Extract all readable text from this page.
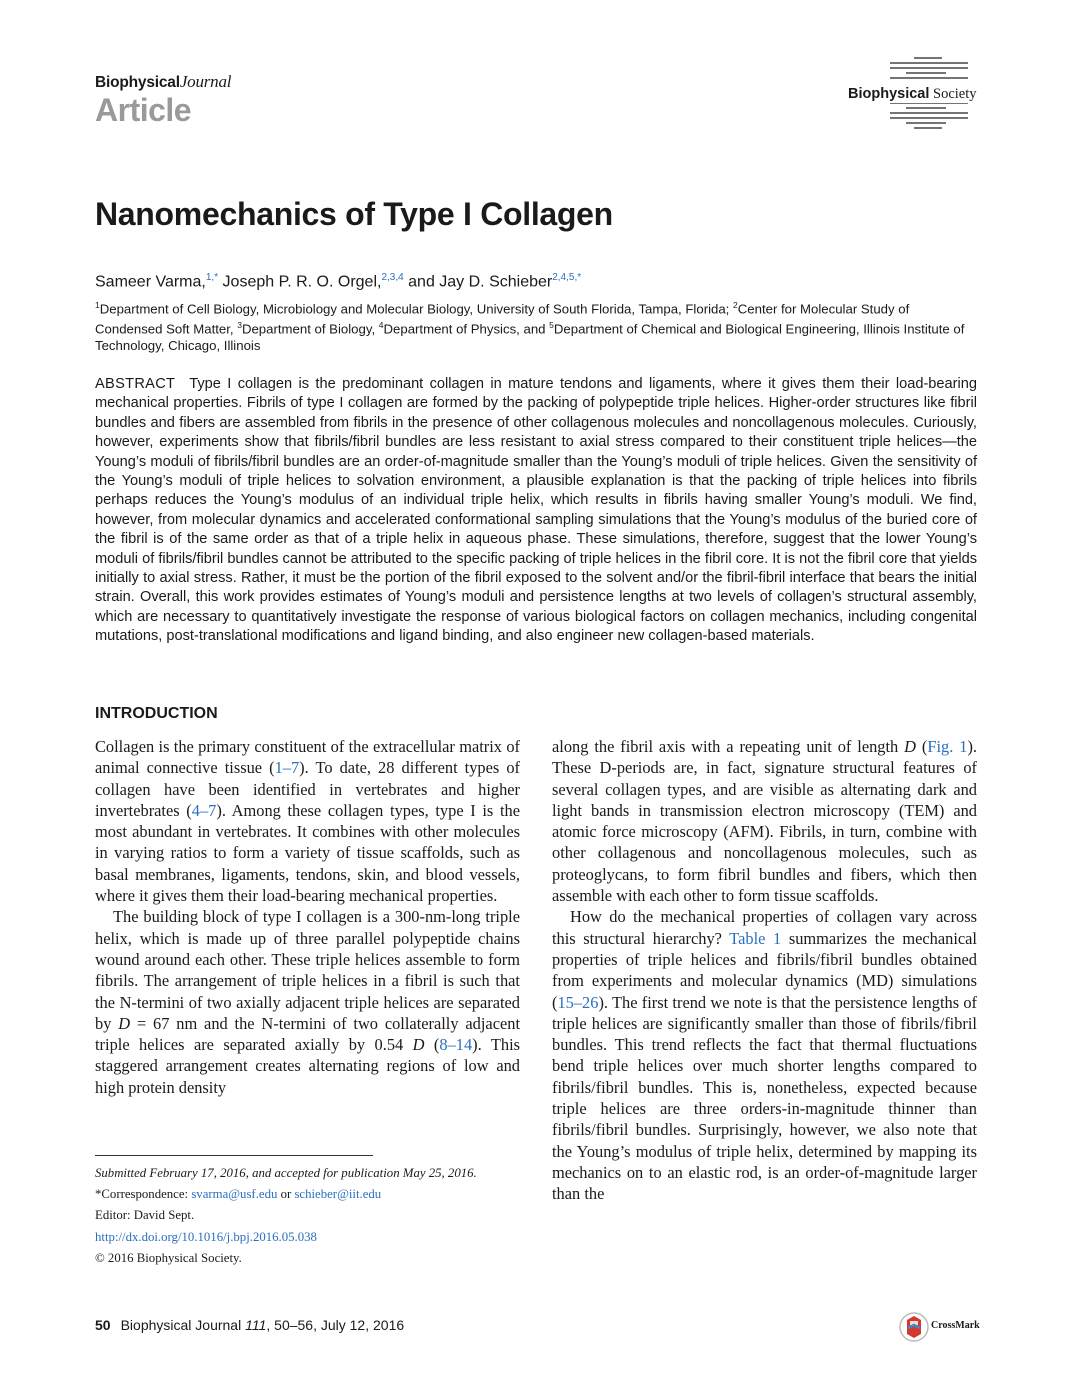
BiophysicalJournal
Article	Biophysical Society
Nanomechanics of Type I Collagen
Sameer Varma,$^{1,*}$ Joseph P. R. O. Orgel,$^{2,3,4}$ and Jay D. Schieber$^{2,4,5,*}$
$^1$Department of Cell Biology, Microbiology and Molecular Biology, University of South Florida, Tampa, Florida; $^2$Center for Molecular Study of Condensed Soft Matter, $^3$Department of Biology, $^4$Department of Physics, and $^5$Department of Chemical and Biological Engineering, Illinois Institute of Technology, Chicago, Illinois
ABSTRACT Type I collagen is the predominant collagen in mature tendons and ligaments, where it gives them their load-bearing mechanical properties. Fibrils of type I collagen are formed by the packing of polypeptide triple helices. Higher-order structures like fibril bundles and fibers are assembled from fibrils in the presence of other collagenous molecules and noncollagenous molecules. Curiously, however, experiments show that fibrils/fibril bundles are less resistant to axial stress compared to their constituent triple helices—the Young’s moduli of fibrils/fibril bundles are an order-of-magnitude smaller than the Young’s moduli of triple helices. Given the sensitivity of the Young’s moduli of triple helices to solvation environment, a plausible explanation is that the packing of triple helices into fibrils perhaps reduces the Young’s modulus of an individual triple helix, which results in fibrils having smaller Young’s moduli. We find, however, from molecular dynamics and accelerated conformational sampling simulations that the Young’s modulus of the buried core of the fibril is of the same order as that of a triple helix in aqueous phase. These simulations, therefore, suggest that the lower Young’s moduli of fibrils/fibril bundles cannot be attributed to the specific packing of triple helices in the fibril core. It is not the fibril core that yields initially to axial stress. Rather, it must be the portion of the fibril exposed to the solvent and/or the fibril-fibril interface that bears the initial strain. Overall, this work provides estimates of Young’s moduli and persistence lengths at two levels of collagen’s structural assembly, which are necessary to quantitatively investigate the response of various biological factors on collagen mechanics, including congenital mutations, post-translational modifications and ligand binding, and also engineer new collagen-based materials.
INTRODUCTION

Collagen is the primary constituent of the extracellular matrix of animal connective tissue (1–7). To date, 28 different types of collagen have been identified in vertebrates and higher invertebrates (4–7). Among these collagen types, type I is the most abundant in vertebrates. It combines with other molecules in varying ratios to form a variety of tissue scaffolds, such as basal membranes, ligaments, tendons, skin, and blood vessels, where it gives them their load-bearing mechanical properties.

The building block of type I collagen is a 300-nm-long triple helix, which is made up of three parallel polypeptide chains wound around each other. These triple helices assemble to form fibrils. The arrangement of triple helices in a fibril is such that the N-termini of two axially adjacent triple helices are separated by D = 67 nm and the N-termini of two collaterally adjacent triple helices are separated axially by 0.54 D (8–14). This staggered arrangement creates alternating regions of low and high protein density

along the fibril axis with a repeating unit of length D (Fig. 1). These D-periods are, in fact, signature structural features of several collagen types, and are visible as alternating dark and light bands in transmission electron microscopy (TEM) and atomic force microscopy (AFM). Fibrils, in turn, combine with other collagenous and noncollagenous molecules, such as proteoglycans, to form fibril bundles and fibers, which then assemble with each other to form tissue scaffolds.

How do the mechanical properties of collagen vary across this structural hierarchy? Table 1 summarizes the mechanical properties of triple helices and fibrils/fibril bundles obtained from experiments and molecular dynamics (MD) simulations (15–26). The first trend we note is that the persistence lengths of triple helices are significantly smaller than those of fibrils/fibril bundles. This trend reflects the fact that thermal fluctuations bend triple helices over much shorter lengths compared to fibrils/fibril bundles. This is, nonetheless, expected because triple helices are three orders-in-magnitude thinner than fibrils/fibril bundles. Surprisingly, however, we also note that the Young’s modulus of triple helix, determined by mapping its mechanics on to an elastic rod, is an order-of-magnitude larger than the

Submitted February 17, 2016, and accepted for publication May 25, 2016.
*Correspondence: svarma@usf.edu or schieber@iit.edu
Editor: David Sept.
http://dx.doi.org/10.1016/j.bpj.2016.05.038
© 2016 Biophysical Society.
50 Biophysical Journal 111, 50–56, July 12, 2016	CrossMark
